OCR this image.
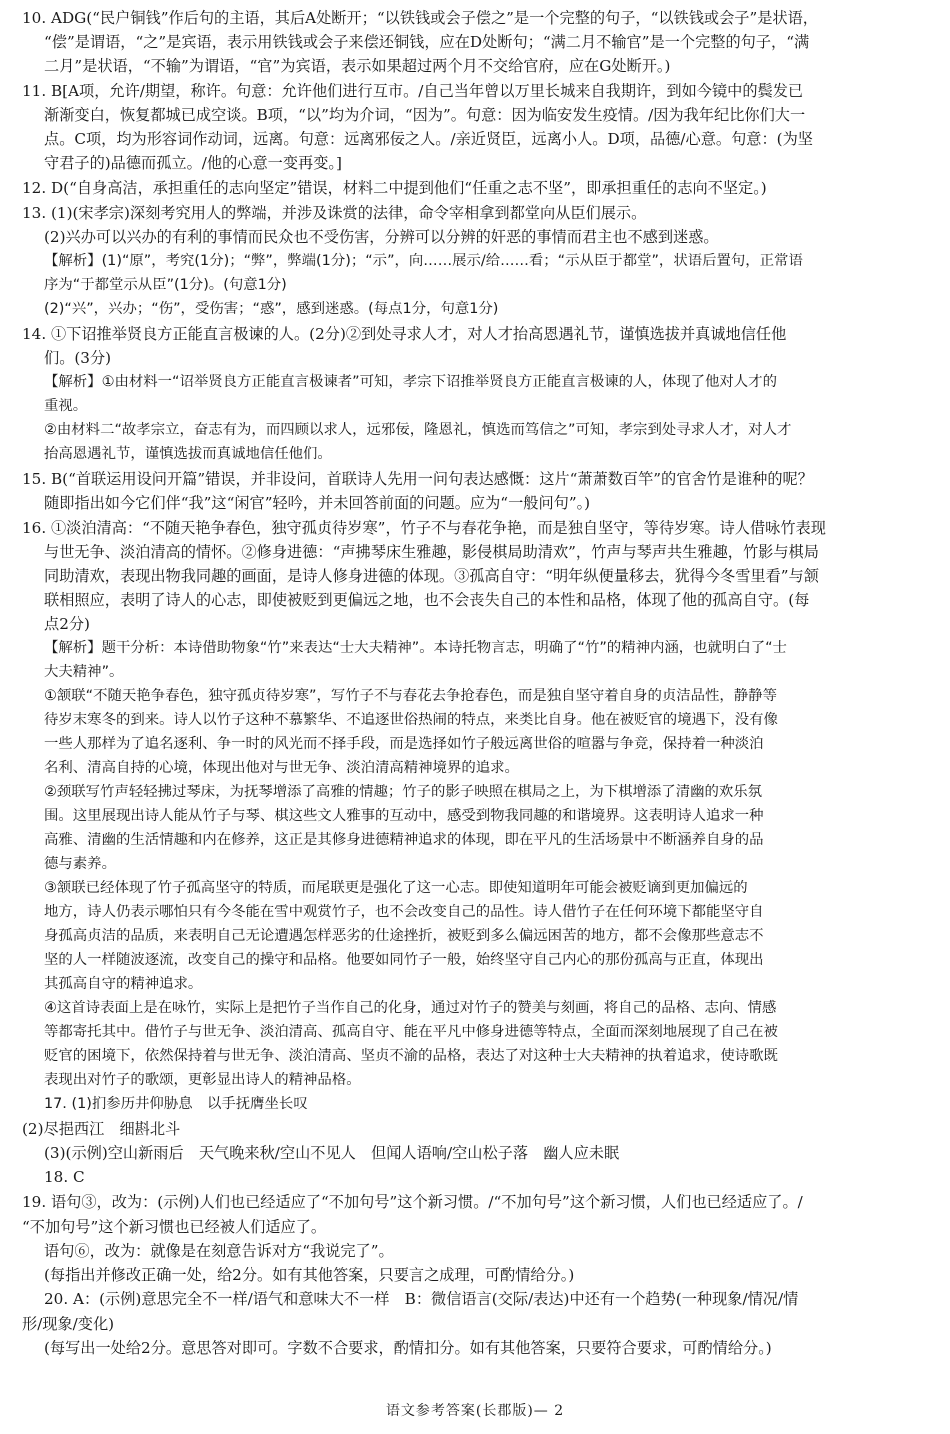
10. ADG(“民户铜钱”作后句的主语，其后A处断开；“以铁钱或会子偿之”是一个完整的句子，“以铁钱或会子”是状语，
“偿”是谓语，“之”是宾语，表示用铁钱或会子来偿还铜钱，应在D处断句；“满二月不输官”是一个完整的句子，“满
二月”是状语，“不输”为谓语，“官”为宾语，表示如果超过两个月不交给官府，应在G处断开。)
11. B[A项，允许/期望，称许。句意：允许他们进行互市。/自己当年曾以万里长城来自我期许，到如今镜中的鬓发已
渐渐变白，恢复都城已成空谈。B项，“以”均为介词，“因为”。句意：因为临安发生疫情。/因为我年纪比你们大一
点。C项，均为形容词作动词，远离。句意：远离邪佞之人。/亲近贤臣，远离小人。D项，品德/心意。句意：(为坚
守君子的)品德而孤立。/他的心意一变再变。]
12. D(“自身高洁，承担重任的志向坚定”错误，材料二中提到他们“任重之志不坚”，即承担重任的志向不坚定。)
13. (1)(宋孝宗)深刻考究用人的弊端，并涉及诛赏的法律，命令宰相拿到都堂向从臣们展示。
(2)兴办可以兴办的有利的事情而民众也不受伤害，分辨可以分辨的奸恶的事情而君主也不感到迷惑。
【解析】(1)“原”，考究(1分)；“弊”，弊端(1分)；“示”，向……展示/给……看；“示从臣于都堂”，状语后置句，正常语
序为“于都堂示从臣”(1分)。(句意1分)
(2)“兴”，兴办；“伤”，受伤害；“惑”，感到迷惑。(每点1分，句意1分)
14. ①下诏推举贤良方正能直言极谏的人。(2分)②到处寻求人才，对人才抬高恩遇礼节，谨慎选拔并真诚地信任他
们。(3分)
【解析】①由材料一“诏举贤良方正能直言极谏者”可知，孝宗下诏推举贤良方正能直言极谏的人，体现了他对人才的
重视。
②由材料二“故孝宗立，奋志有为，而四顾以求人，远邪佞，隆恩礼，慎选而笃信之”可知，孝宗到处寻求人才，对人才
抬高恩遇礼节，谨慎选拔而真诚地信任他们。
15. B(“首联运用设问开篇”错误，并非设问，首联诗人先用一问句表达感慨：这片“萧萧数百竿”的官舍竹是谁种的呢？
随即指出如今它们伴“我”这“闲官”轻吟，并未回答前面的问题。应为“一般问句”。)
16. ①淡泊清高：“不随天艳争春色，独守孤贞待岁寒”，竹子不与春花争艳，而是独自坚守，等待岁寒。诗人借咏竹表现
与世无争、淡泊清高的情怀。②修身进德：“声拂琴床生雅趣，影侵棋局助清欢”，竹声与琴声共生雅趣，竹影与棋局
同助清欢，表现出物我同趣的画面，是诗人修身进德的体现。③孤高自守：“明年纵便量移去，犹得今冬雪里看”与颔
联相照应，表明了诗人的心志，即使被贬到更偏远之地，也不会丧失自己的本性和品格，体现了他的孤高自守。(每
点2分)
【解析】题干分析：本诗借助物象“竹”来表达“士大夫精神”。本诗托物言志，明确了“竹”的精神内涵，也就明白了“士
大夫精神”。
①颔联“不随天艳争春色，独守孤贞待岁寒”，写竹子不与春花去争抢春色，而是独自坚守着自身的贞洁品性，静静等
待岁末寒冬的到来。诗人以竹子这种不慕繁华、不追逐世俗热闹的特点，来类比自身。他在被贬官的境遇下，没有像
一些人那样为了追名逐利、争一时的风光而不择手段，而是选择如竹子般远离世俗的喧嚣与争竞，保持着一种淡泊
名利、清高自持的心境，体现出他对与世无争、淡泊清高精神境界的追求。
②颈联写竹声轻轻拂过琴床，为抚琴增添了高雅的情趣；竹子的影子映照在棋局之上，为下棋增添了清幽的欢乐氛
围。这里展现出诗人能从竹子与琴、棋这些文人雅事的互动中，感受到物我同趣的和谐境界。这表明诗人追求一种
高雅、清幽的生活情趣和内在修养，这正是其修身进德精神追求的体现，即在平凡的生活场景中不断涵养自身的品
德与素养。
③颔联已经体现了竹子孤高坚守的特质，而尾联更是强化了这一心志。即使知道明年可能会被贬谪到更加偏远的
地方，诗人仍表示哪怕只有今冬能在雪中观赏竹子，也不会改变自己的品性。诗人借竹子在任何环境下都能坚守自
身孤高贞洁的品质，来表明自己无论遭遇怎样恶劣的仕途挫折，被贬到多么偏远困苦的地方，都不会像那些意志不
坚的人一样随波逐流，改变自己的操守和品格。他要如同竹子一般，始终坚守自己内心的那份孤高与正直，体现出
其孤高自守的精神追求。
④这首诗表面上是在咏竹，实际上是把竹子当作自己的化身，通过对竹子的赞美与刻画，将自己的品格、志向、情感
等都寄托其中。借竹子与世无争、淡泊清高、孤高自守、能在平凡中修身进德等特点，全面而深刻地展现了自己在被
贬官的困境下，依然保持着与世无争、淡泊清高、坚贞不渝的品格，表达了对这种士大夫精神的执着追求，使诗歌既
表现出对竹子的歌颂，更彰显出诗人的精神品格。
17. (1)扪参历井仰胁息　以手抚膺坐长叹
(2)尽挹西江　细斟北斗
(3)(示例)空山新雨后　天气晚来秋/空山不见人　但闻人语响/空山松子落　幽人应未眠
18. C
19. 语句③，改为：(示例)人们也已经适应了“不加句号”这个新习惯。/“不加句号”这个新习惯，人们也已经适应了。/
“不加句号”这个新习惯也已经被人们适应了。
语句⑥，改为：就像是在刻意告诉对方“我说完了”。
(每指出并修改正确一处，给2分。如有其他答案，只要言之成理，可酌情给分。)
20. A：(示例)意思完全不一样/语气和意味大不一样　B：微信语言(交际/表达)中还有一个趋势(一种现象/情况/情
形/现象/变化)
(每写出一处给2分。意思答对即可。字数不合要求，酌情扣分。如有其他答案，只要符合要求，可酌情给分。)
语文参考答案(长郡版)— 2
